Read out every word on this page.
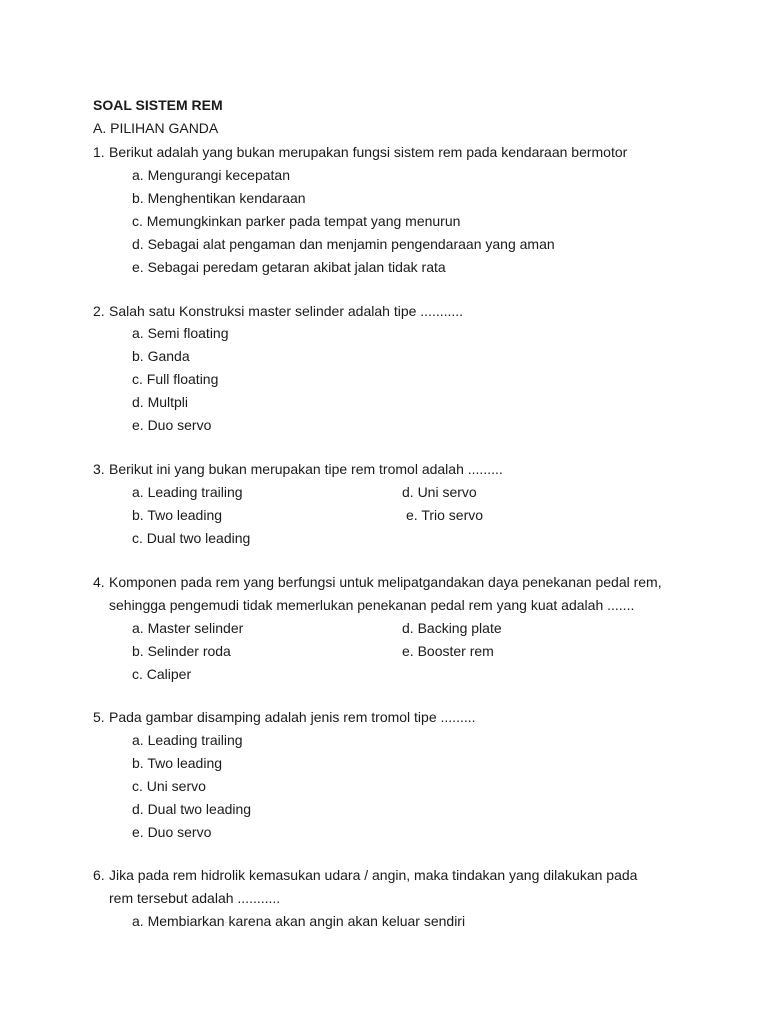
SOAL SISTEM REM
A. PILIHAN GANDA
1. Berikut adalah yang bukan merupakan fungsi sistem rem pada kendaraan bermotor
a. Mengurangi kecepatan
b. Menghentikan kendaraan
c. Memungkinkan parker pada tempat yang menurun
d. Sebagai alat pengaman dan menjamin pengendaraan yang aman
e. Sebagai peredam getaran akibat jalan tidak rata
2. Salah satu Konstruksi master selinder adalah tipe ...........
a. Semi floating
b. Ganda
c. Full floating
d. Multpli
e. Duo servo
3. Berikut ini yang bukan merupakan tipe rem tromol adalah .........
a. Leading trailing	d. Uni servo
b. Two leading	e. Trio servo
c. Dual two leading
4. Komponen pada rem yang berfungsi untuk melipatgandakan daya penekanan pedal rem,
sehingga pengemudi tidak memerlukan penekanan pedal rem yang kuat adalah .......
a. Master selinder	d. Backing plate
b. Selinder roda	e. Booster rem
c. Caliper
5. Pada gambar disamping adalah jenis rem tromol tipe .........
a. Leading trailing
b. Two leading
c. Uni servo
d. Dual two leading
e. Duo servo
6. Jika pada rem hidrolik kemasukan udara / angin, maka tindakan yang dilakukan pada
rem tersebut adalah ...........
a. Membiarkan karena akan angin akan keluar sendiri
